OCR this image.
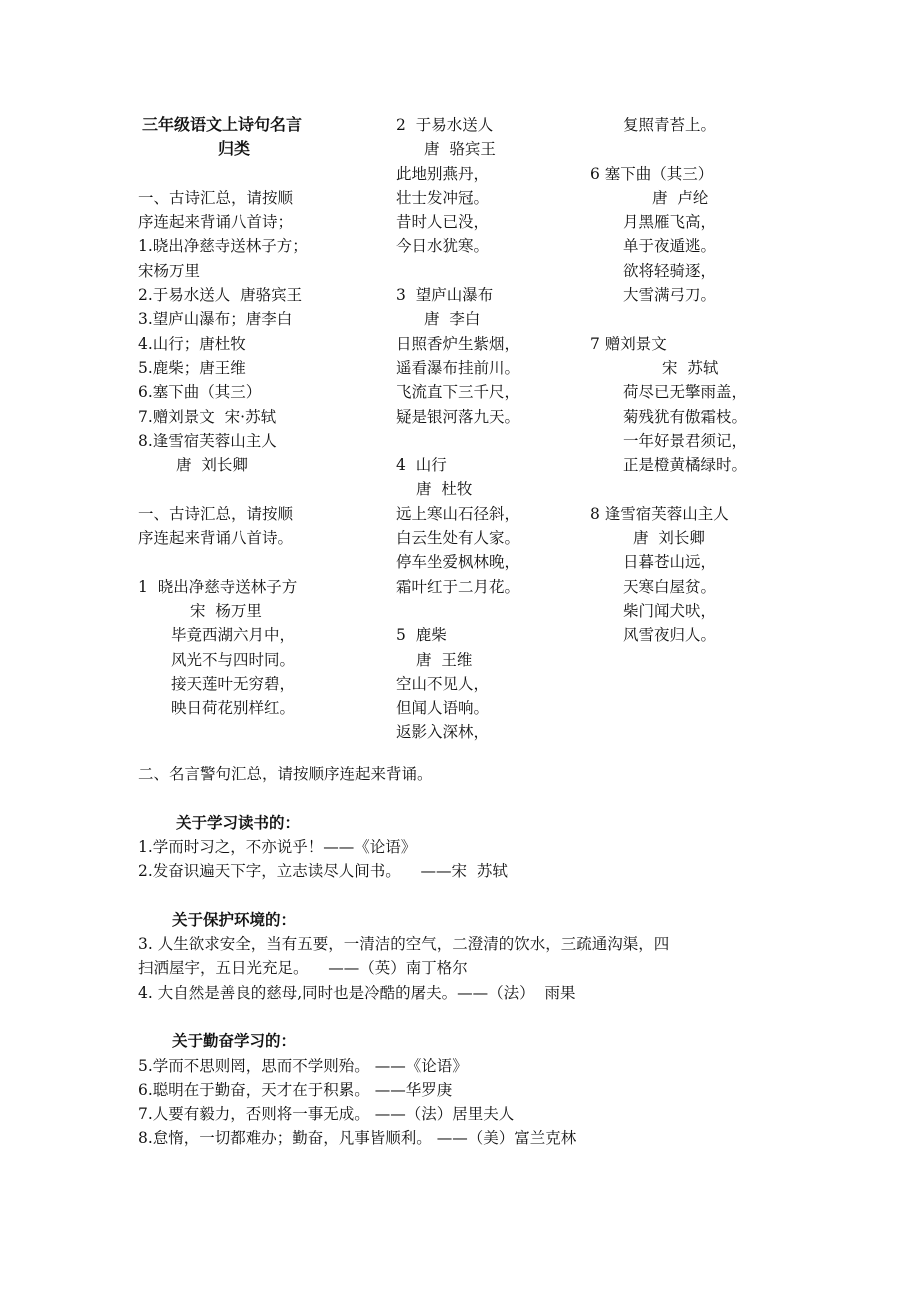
三年级语文上诗句名言
归类
一、古诗汇总，请按顺
序连起来背诵八首诗；
1.晓出净慈寺送林子方；
宋杨万里
2.于易水送人  唐骆宾王
3.望庐山瀑布；唐李白
4.山行；唐杜牧
5.鹿柴；唐王维
6.塞下曲（其三）
7.赠刘景文  宋·苏轼
8.逢雪宿芙蓉山主人
唐  刘长卿
一、古诗汇总，请按顺
序连起来背诵八首诗。
1  晓出净慈寺送林子方
宋  杨万里
毕竟西湖六月中，
风光不与四时同。
接天莲叶无穷碧，
映日荷花别样红。
2  于易水送人
唐  骆宾王
此地别燕丹，
壮士发冲冠。
昔时人已没，
今日水犹寒。
3  望庐山瀑布
唐  李白
日照香炉生紫烟，
遥看瀑布挂前川。
飞流直下三千尺，
疑是银河落九天。
4  山行
唐  杜牧
远上寒山石径斜，
白云生处有人家。
停车坐爱枫林晚，
霜叶红于二月花。
5  鹿柴
唐  王维
空山不见人，
但闻人语响。
返影入深林，
复照青苔上。
6 塞下曲（其三）
唐  卢纶
月黑雁飞高，
单于夜遁逃。
欲将轻骑逐，
大雪满弓刀。
7 赠刘景文
宋  苏轼
荷尽已无擎雨盖，
菊残犹有傲霜枝。
一年好景君须记，
正是橙黄橘绿时。
8 逢雪宿芙蓉山主人
唐  刘长卿
日暮苍山远，
天寒白屋贫。
柴门闻犬吠，
风雪夜归人。
二、名言警句汇总，请按顺序连起来背诵。
关于学习读书的：
1.学而时习之，不亦说乎！——《论语》
2.发奋识遍天下字，立志读尽人间书。    ——宋  苏轼
关于保护环境的：
3. 人生欲求安全，当有五要，一清洁的空气，二澄清的饮水，三疏通沟渠，四
扫洒屋宇，五日光充足。    ——（英）南丁格尔
4. 大自然是善良的慈母,同时也是冷酷的屠夫。——（法）  雨果
关于勤奋学习的：
5.学而不思则罔，思而不学则殆。 ——《论语》
6.聪明在于勤奋，天才在于积累。 ——华罗庚
7.人要有毅力，否则将一事无成。 ——（法）居里夫人
8.怠惰，一切都难办；勤奋，凡事皆顺利。 ——（美）富兰克林
